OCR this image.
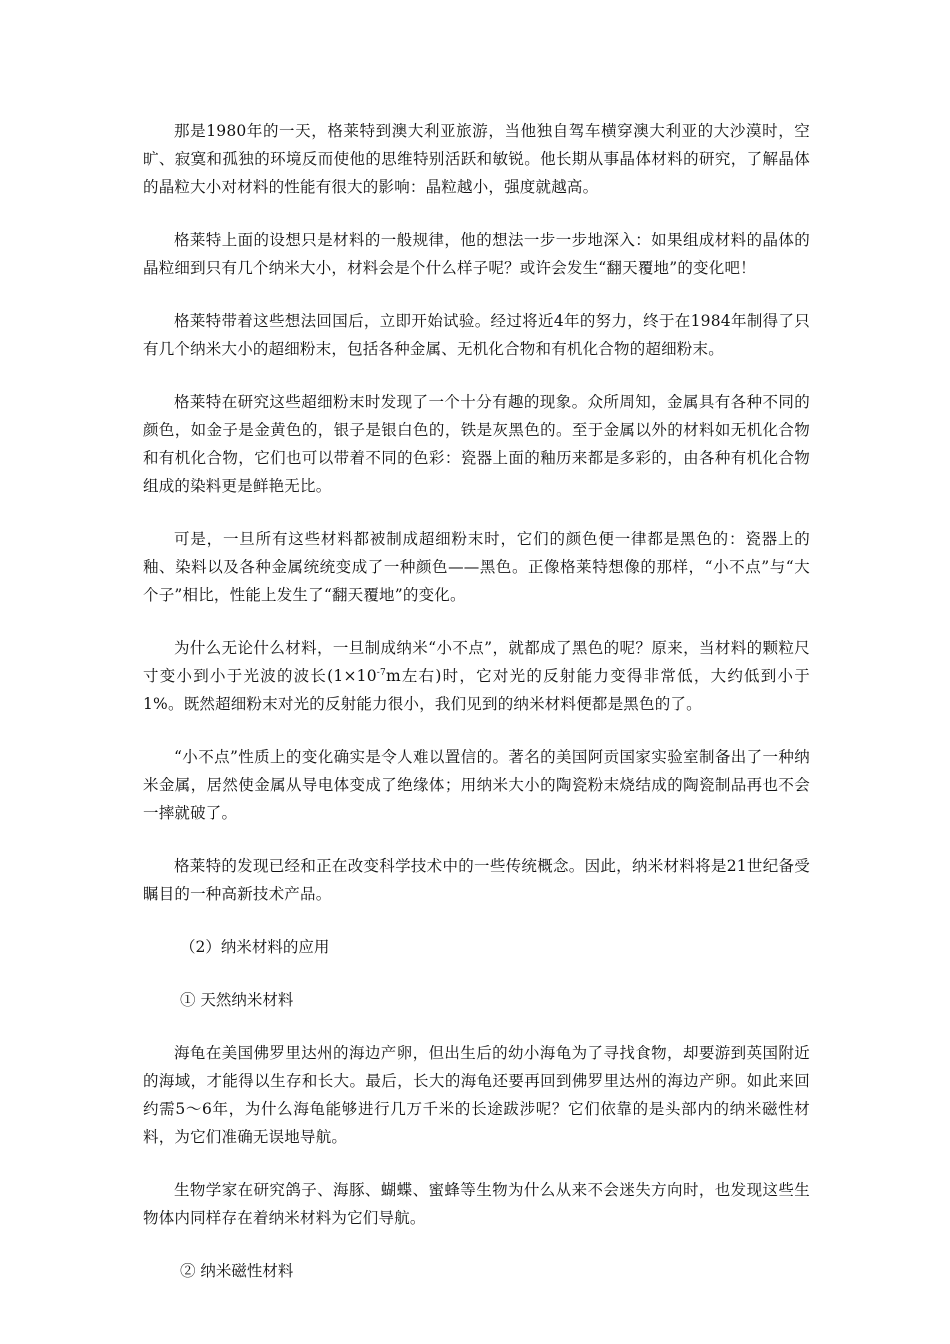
那是1980年的一天，格莱特到澳大利亚旅游，当他独自驾车横穿澳大利亚的大沙漠时，空旷、寂寞和孤独的环境反而使他的思维特别活跃和敏锐。他长期从事晶体材料的研究，了解晶体的晶粒大小对材料的性能有很大的影响：晶粒越小，强度就越高。

格莱特上面的设想只是材料的一般规律，他的想法一步一步地深入：如果组成材料的晶体的晶粒细到只有几个纳米大小，材料会是个什么样子呢？或许会发生“翻天覆地”的变化吧！

格莱特带着这些想法回国后，立即开始试验。经过将近4年的努力，终于在1984年制得了只有几个纳米大小的超细粉末，包括各种金属、无机化合物和有机化合物的超细粉末。

格莱特在研究这些超细粉末时发现了一个十分有趣的现象。众所周知，金属具有各种不同的颜色，如金子是金黄色的，银子是银白色的，铁是灰黑色的。至于金属以外的材料如无机化合物和有机化合物，它们也可以带着不同的色彩：瓷器上面的釉历来都是多彩的，由各种有机化合物组成的染料更是鲜艳无比。

可是，一旦所有这些材料都被制成超细粉末时，它们的颜色便一律都是黑色的：瓷器上的釉、染料以及各种金属统统变成了一种颜色——黑色。正像格莱特想像的那样，“小不点”与“大个子”相比，性能上发生了“翻天覆地”的变化。

为什么无论什么材料，一旦制成纳米“小不点”，就都成了黑色的呢？原来，当材料的颗粒尺寸变小到小于光波的波长($1\times 10^{-7}m$左右)时，它对光的反射能力变得非常低，大约低到小于1%。既然超细粉末对光的反射能力很小，我们见到的纳米材料便都是黑色的了。

“小不点”性质上的变化确实是令人难以置信的。著名的美国阿贡国家实验室制备出了一种纳米金属，居然使金属从导电体变成了绝缘体；用纳米大小的陶瓷粉末烧结成的陶瓷制品再也不会一摔就破了。

格莱特的发现已经和正在改变科学技术中的一些传统概念。因此，纳米材料将是21世纪备受瞩目的一种高新技术产品。

（2）纳米材料的应用

① 天然纳米材料

海龟在美国佛罗里达州的海边产卵，但出生后的幼小海龟为了寻找食物，却要游到英国附近的海域，才能得以生存和长大。最后，长大的海龟还要再回到佛罗里达州的海边产卵。如此来回约需5～6年，为什么海龟能够进行几万千米的长途跋涉呢？它们依靠的是头部内的纳米磁性材料，为它们准确无误地导航。

生物学家在研究鸽子、海豚、蝴蝶、蜜蜂等生物为什么从来不会迷失方向时，也发现这些生物体内同样存在着纳米材料为它们导航。

② 纳米磁性材料
